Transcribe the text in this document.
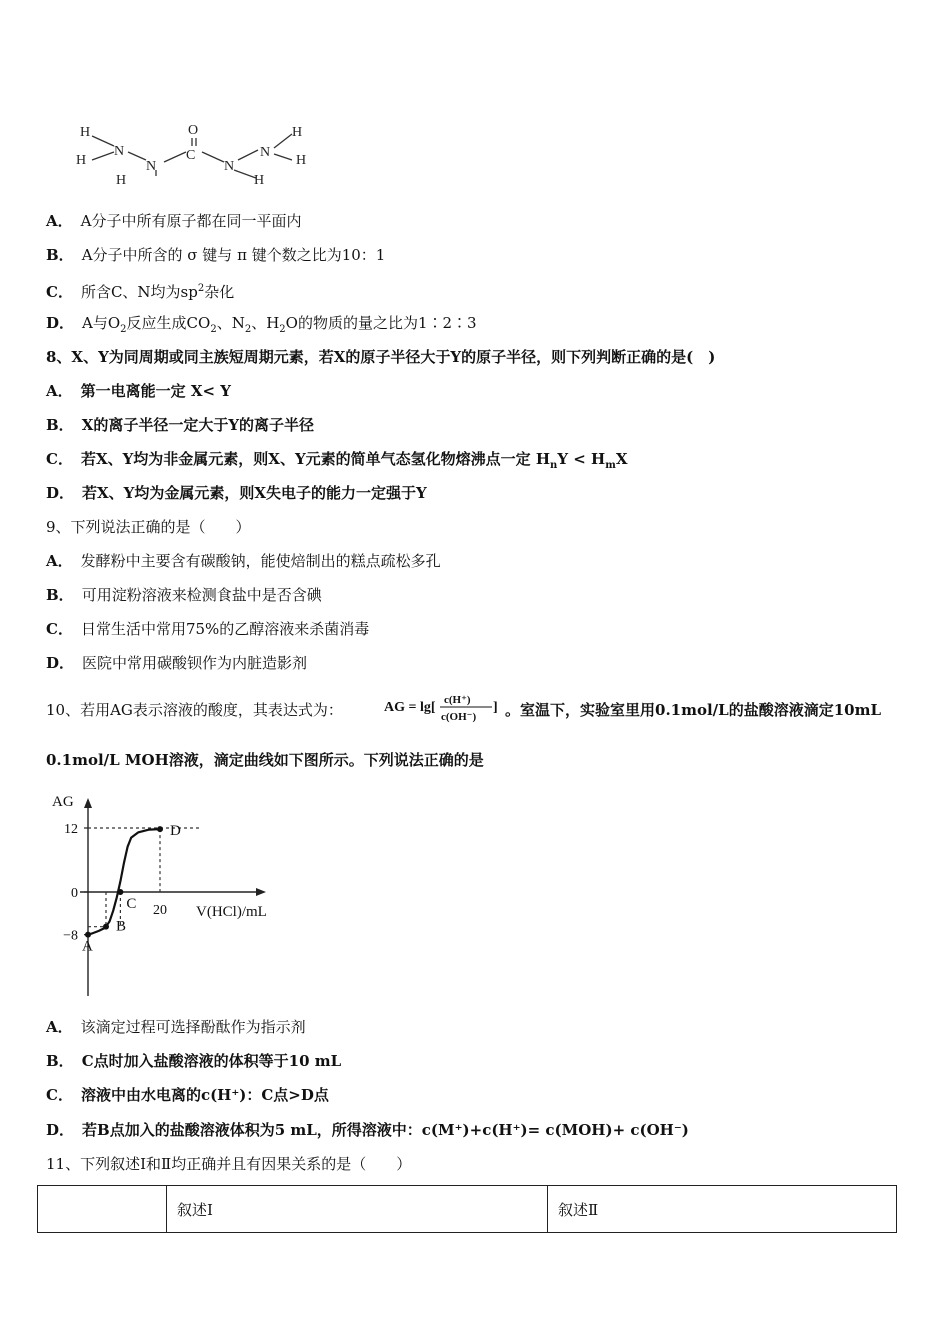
H
H
N
N
H
O
C
N
N
H
H
H
A． A分子中所有原子都在同一平面内
B． A分子中所含的 σ 键与 π 键个数之比为10：1
C． 所含C、N均为$sp^2$杂化
D． A与$O_2$反应生成$CO_2$、$N_2$、$H_2O$的物质的量之比为1∶2∶3
8、X、Y为同周期或同主族短周期元素，若X的原子半径大于Y的原子半径，则下列判断正确的是(　)
A． 第一电离能一定 X< Y
B． X的离子半径一定大于Y的离子半径
C． 若X、Y均为非金属元素，则X、Y元素的简单气态氢化物熔沸点一定 $H_nY < H_mX$
D． 若X、Y均为金属元素，则X失电子的能力一定强于Y
9、下列说法正确的是（　　）
A． 发酵粉中主要含有碳酸钠，能使焙制出的糕点疏松多孔
B． 可用淀粉溶液来检测食盐中是否含碘
C． 日常生活中常用75%的乙醇溶液来杀菌消毒
D． 医院中常用碳酸钡作为内脏造影剂
10、若用AG表示溶液的酸度，其表达式为：	AG = lg[ c(H⁺)
c(OH⁻)
] 。室温下，实验室里用0.1mol/L的盐酸溶液滴定10mL
0.1mol/L MOH溶液，滴定曲线如下图所示。下列说法正确的是
12
0
−8
20
A
B
C
D
AG
V(HCl)/mL
A． 该滴定过程可选择酚酞作为指示剂
B． C点时加入盐酸溶液的体积等于10 mL
C． 溶液中由水电离的c(H⁺)：C点>D点
D． 若B点加入的盐酸溶液体积为5 mL，所得溶液中：c(M⁺)+c(H⁺)= c(MOH)+ c(OH⁻)
11、下列叙述Ⅰ和Ⅱ均正确并且有因果关系的是（　　）
	叙述Ⅰ	叙述Ⅱ
